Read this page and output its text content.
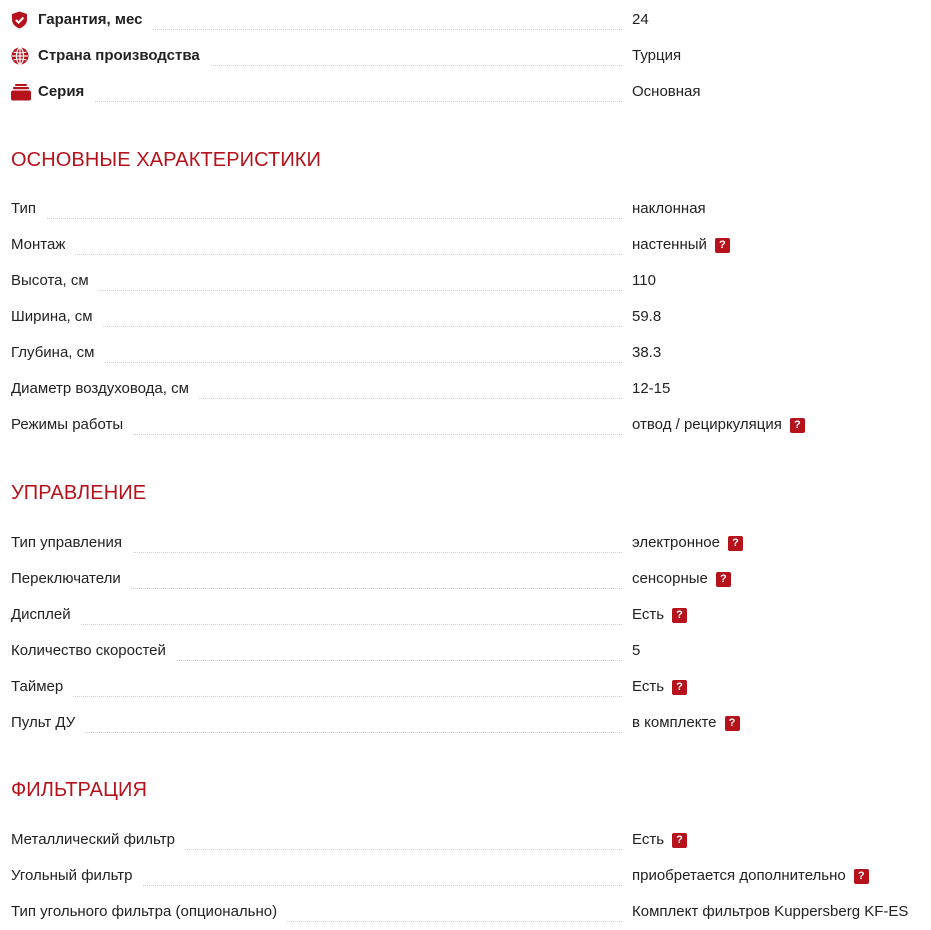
Гарантия, мес	24
Страна производства	Турция
Серия	Основная
ОСНОВНЫЕ ХАРАКТЕРИСТИКИ
Тип	наклонная
Монтаж	настенный	?
Высота, см	110
Ширина, см	59.8
Глубина, см	38.3
Диаметр воздуховода, см	12-15
Режимы работы	отвод / рециркуляция	?
УПРАВЛЕНИЕ
Тип управления	электронное	?
Переключатели	сенсорные	?
Дисплей	Есть	?
Количество скоростей	5
Таймер	Есть	?
Пульт ДУ	в комплекте	?
ФИЛЬТРАЦИЯ
Металлический фильтр	Есть	?
Угольный фильтр	приобретается дополнительно	?
Тип угольного фильтра (опционально)	Комплект фильтров Kuppersberg KF-ES
